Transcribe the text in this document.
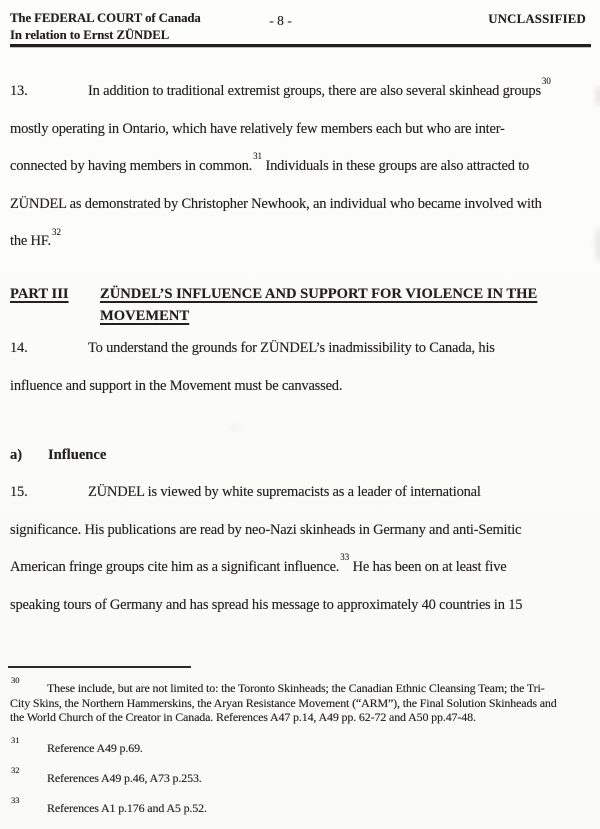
The FEDERAL COURT of Canada
In relation to Ernst ZÜNDEL
- 8 -	UNCLASSIFIED
13.	In addition to traditional extremist groups, there are also several skinhead groups$^{30}$
mostly operating in Ontario, which have relatively few members each but who are inter-
connected by having members in common.$^{31}$ Individuals in these groups are also attracted to
ZÜNDEL as demonstrated by Christopher Newhook, an individual who became involved with
the HF.$^{32}$
PART III	ZÜNDEL’S INFLUENCE AND SUPPORT FOR VIOLENCE IN THE
MOVEMENT
14.	To understand the grounds for ZÜNDEL’s inadmissibility to Canada, his
influence and support in the Movement must be canvassed.
a) Influence
15.	ZÜNDEL is viewed by white supremacists as a leader of international
significance. His publications are read by neo-Nazi skinheads in Germany and anti-Semitic
American fringe groups cite him as a significant influence.$^{33}$ He has been on at least five
speaking tours of Germany and has spread his message to approximately 40 countries in 15
30
These include, but are not limited to: the Toronto Skinheads; the Canadian Ethnic Cleansing Team; the Tri-
City Skins, the Northern Hammerskins, the Aryan Resistance Movement (“ARM”), the Final Solution Skinheads and
the World Church of the Creator in Canada. References A47 p.14, A49 pp. 62-72 and A50 pp.47-48.
31
Reference A49 p.69.
32
References A49 p.46, A73 p.253.
33
References A1 p.176 and A5 p.52.
